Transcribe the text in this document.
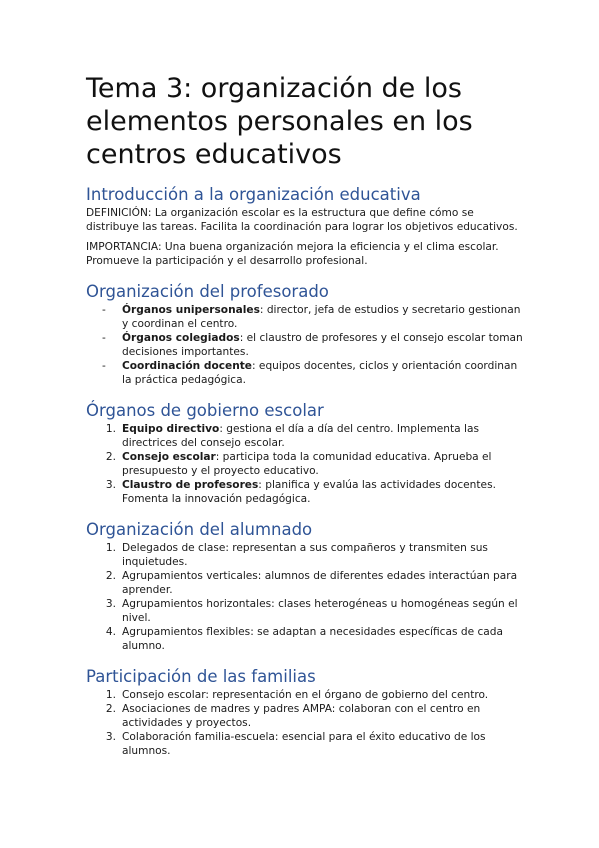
Tema 3: organización de los elementos personales en los centros educativos
Introducción a la organización educativa

DEFINICIÓN: La organización escolar es la estructura que define cómo se distribuye las tareas. Facilita la coordinación para lograr los objetivos educativos.

IMPORTANCIA: Una buena organización mejora la eficiencia y el clima escolar. Promueve la participación y el desarrollo profesional.

Organización del profesorado
-	Órganos unipersonales: director, jefa de estudios y secretario gestionan y coordinan el centro.
-	Órganos colegiados: el claustro de profesores y el consejo escolar toman decisiones importantes.
-	Coordinación docente: equipos docentes, ciclos y orientación coordinan la práctica pedagógica.
Órganos de gobierno escolar
1. Equipo directivo: gestiona el día a día del centro. Implementa las directrices del consejo escolar.
2. Consejo escolar: participa toda la comunidad educativa. Aprueba el presupuesto y el proyecto educativo.
3. Claustro de profesores: planifica y evalúa las actividades docentes. Fomenta la innovación pedagógica.
Organización del alumnado
1. Delegados de clase: representan a sus compañeros y transmiten sus inquietudes.
2. Agrupamientos verticales: alumnos de diferentes edades interactúan para aprender.
3. Agrupamientos horizontales: clases heterogéneas u homogéneas según el nivel.
4. Agrupamientos flexibles: se adaptan a necesidades específicas de cada alumno.
Participación de las familias
1. Consejo escolar: representación en el órgano de gobierno del centro.
2. Asociaciones de madres y padres AMPA: colaboran con el centro en actividades y proyectos.
3. Colaboración familia-escuela: esencial para el éxito educativo de los alumnos.
